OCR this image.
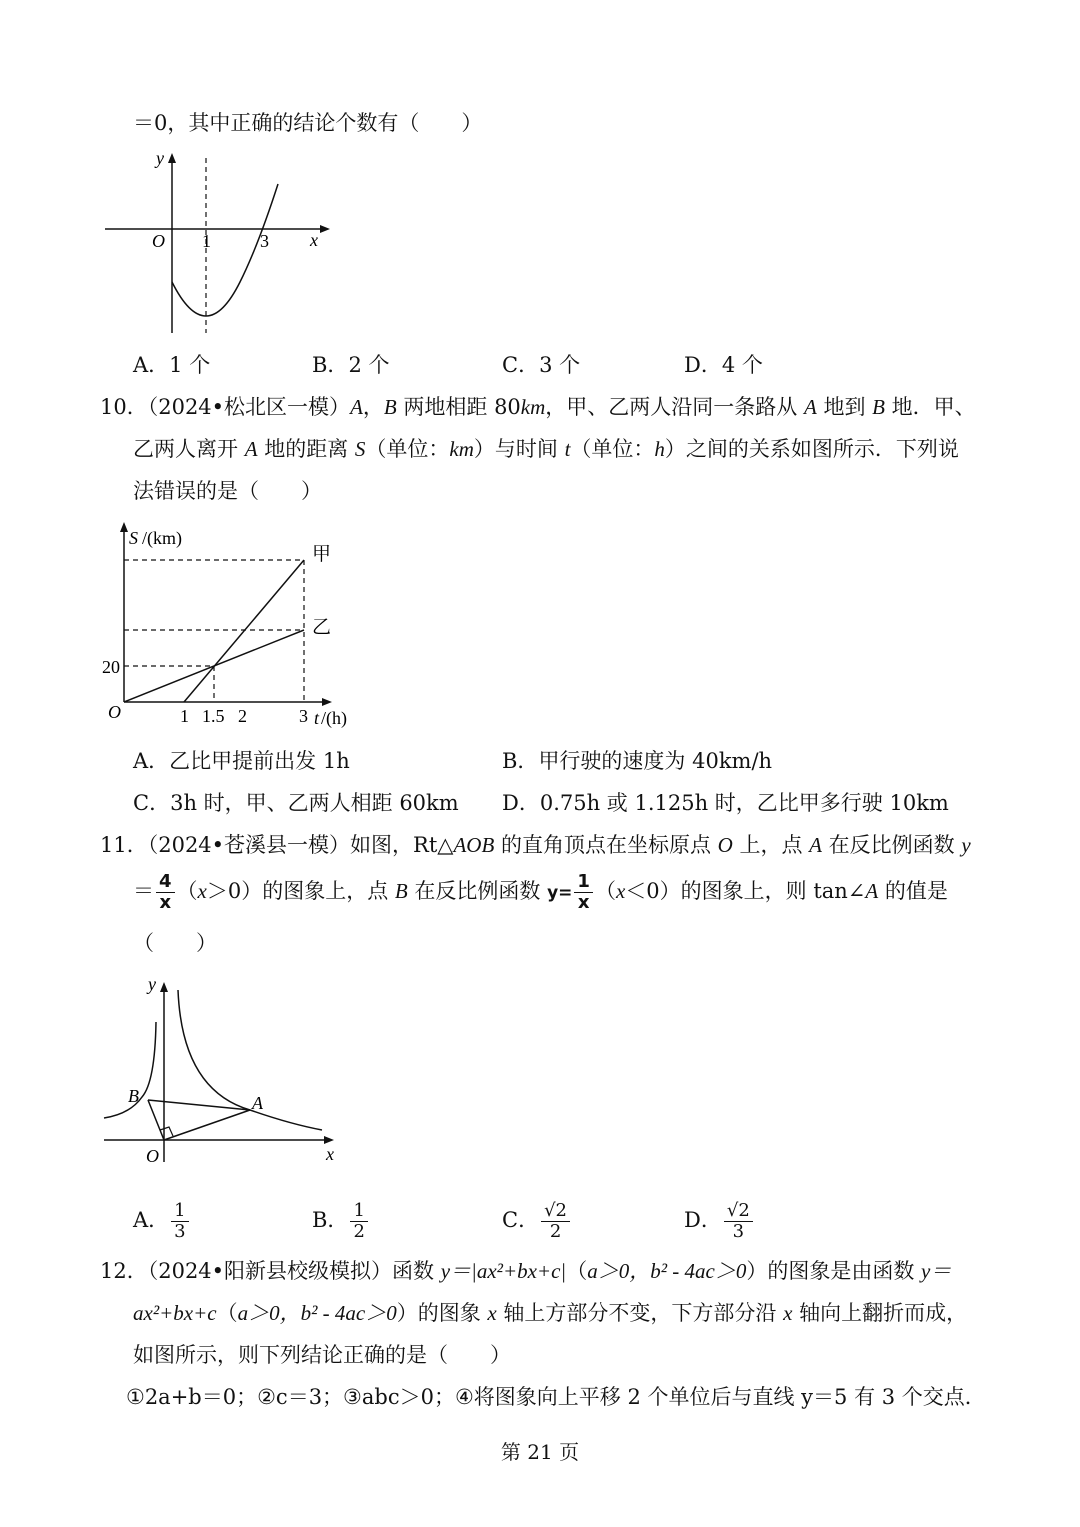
＝0，其中正确的结论个数有（　　）
y
O 1	3 x
A．1 个	B．2 个	C．3 个	D．4 个
10．（2024•松北区一模）A，B 两地相距 80km，甲、乙两人沿同一条路从 A 地到 B 地．甲、
乙两人离开 A 地的距离 S（单位：km）与时间 t（单位：h）之间的关系如图所示．下列说
法错误的是（　　）
S /(km)
甲
乙
20
O	1 1.5 2	3 t /(h)
A．乙比甲提前出发 1h	B．甲行驶的速度为 40km/h
C．3h 时，甲、乙两人相距 60km D．0.75h 或 1.125h 时，乙比甲多行驶 10km
11．（2024•苍溪县一模）如图，Rt△AOB 的直角顶点在坐标原点 O 上，点 A 在反比例函数 y
＝ $\frac{4}{x} (x>0)$的图象上，点 B 在反比例函数 $y= \frac{1}{x} (x<0)$的图象上，则 tan∠A 的值是
（　　）
y
B	A
O	x
A． $\frac{1}{3}$	B． $\frac{1}{2}$	C． $\frac{√2}{2}$	D． $\frac{√2}{3}$
12．（2024•阳新县校级模拟）函数 y＝|ax²+bx+c|（a＞0，b² - 4ac＞0）的图象是由函数 y＝
ax²+bx+c（a＞0，b² - 4ac＞0）的图象 x 轴上方部分不变，下方部分沿 x 轴向上翻折而成，
如图所示，则下列结论正确的是（　　）
①2a+b＝0；②c＝3；③abc＞0；④将图象向上平移 2 个单位后与直线 y＝5 有 3 个交点．
第 21 页
